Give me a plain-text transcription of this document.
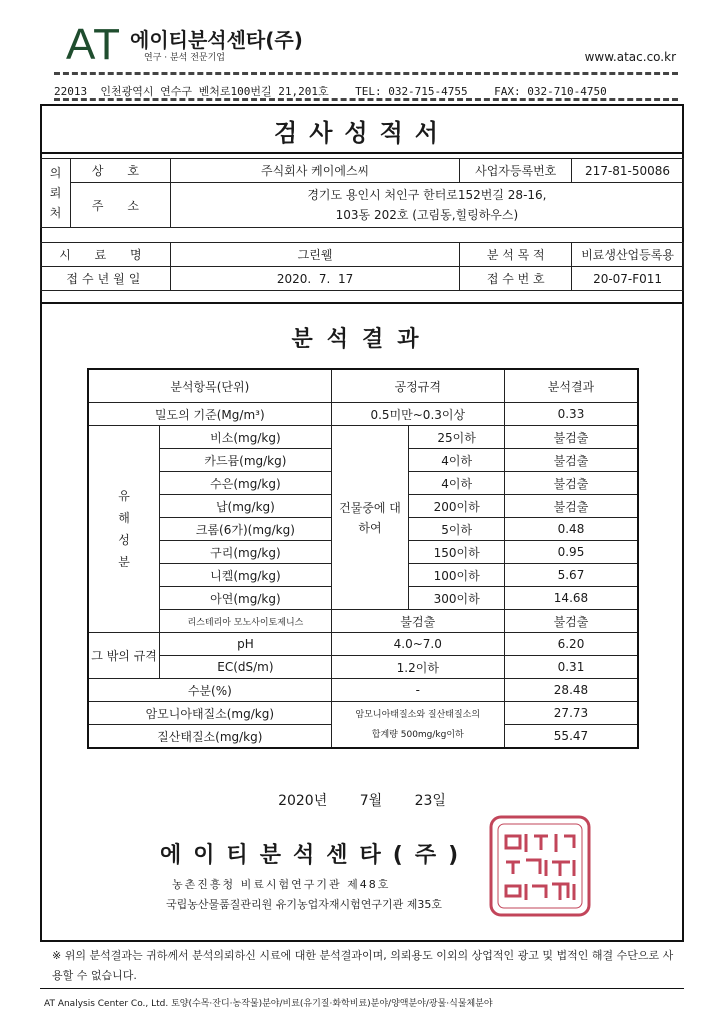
AT 에이티분석센타(주)
연구 · 분석 전문기업	www.atac.co.kr
22013  인천광역시 연수구 벤처로100번길 21,201호    TEL: 032-715-4755    FAX: 032-710-4750
검사성적서
의뢰처	상 호	주식회사 케이에스씨	사업자등록번호	217-81-50086
	주 소	경기도 용인시 처인구 한터로152번길 28-16,
103동 202호 (고림동,힐링하우스)		
시 료 명	그린웰	분 석 목 적	비료생산업등록용
접수년월일	2020.  7.  17	접 수 번 호	20-07-F011
분석결과
분석항목(단위)		공정규격		분석결과
밀도의 기준(Mg/m³)		0.5미만~0.3이상		0.33

유해성분	비소(mg/kg)	건물중에 대하여	25이하	불검출
	카드뮴(mg/kg)		4이하	불검출
	수은(mg/kg)		4이하	불검출
	납(mg/kg)		200이하	불검출
	크롬(6가)(mg/kg)		5이하	0.48
	구리(mg/kg)		150이하	0.95
	니켈(mg/kg)		100이하	5.67
	아연(mg/kg)		300이하	14.68
	리스테리아 모노사이토제니스	불검출		불검출
그 밖의 규격	pH	4.0~7.0		6.20
	EC(dS/m)	1.2이하		0.31
수분(%)		-		28.48
암모니아태질소(mg/kg)		암모니아태질소와 질산태질소의
합계량 500mg/kg이하		27.73
질산태질소(mg/kg)				55.47
2020년 7월 23일
에이티분석센타(주)
농촌진흥청 비료시험연구기관 제48호
국립농산물품질관리원 유기농업자재시험연구기관 제35호
※ 위의 분석결과는 귀하께서 분석의뢰하신 시료에 대한 분석결과이며, 의뢰용도 이외의 상업적인 광고 및 법적인 해결 수단으로 사용할 수 없습니다.
AT Analysis Center Co., Ltd. 토양(수목·잔디·농작물)분야/비료(유기질·화학비료)분야/양액분야/광물·식물체분야
